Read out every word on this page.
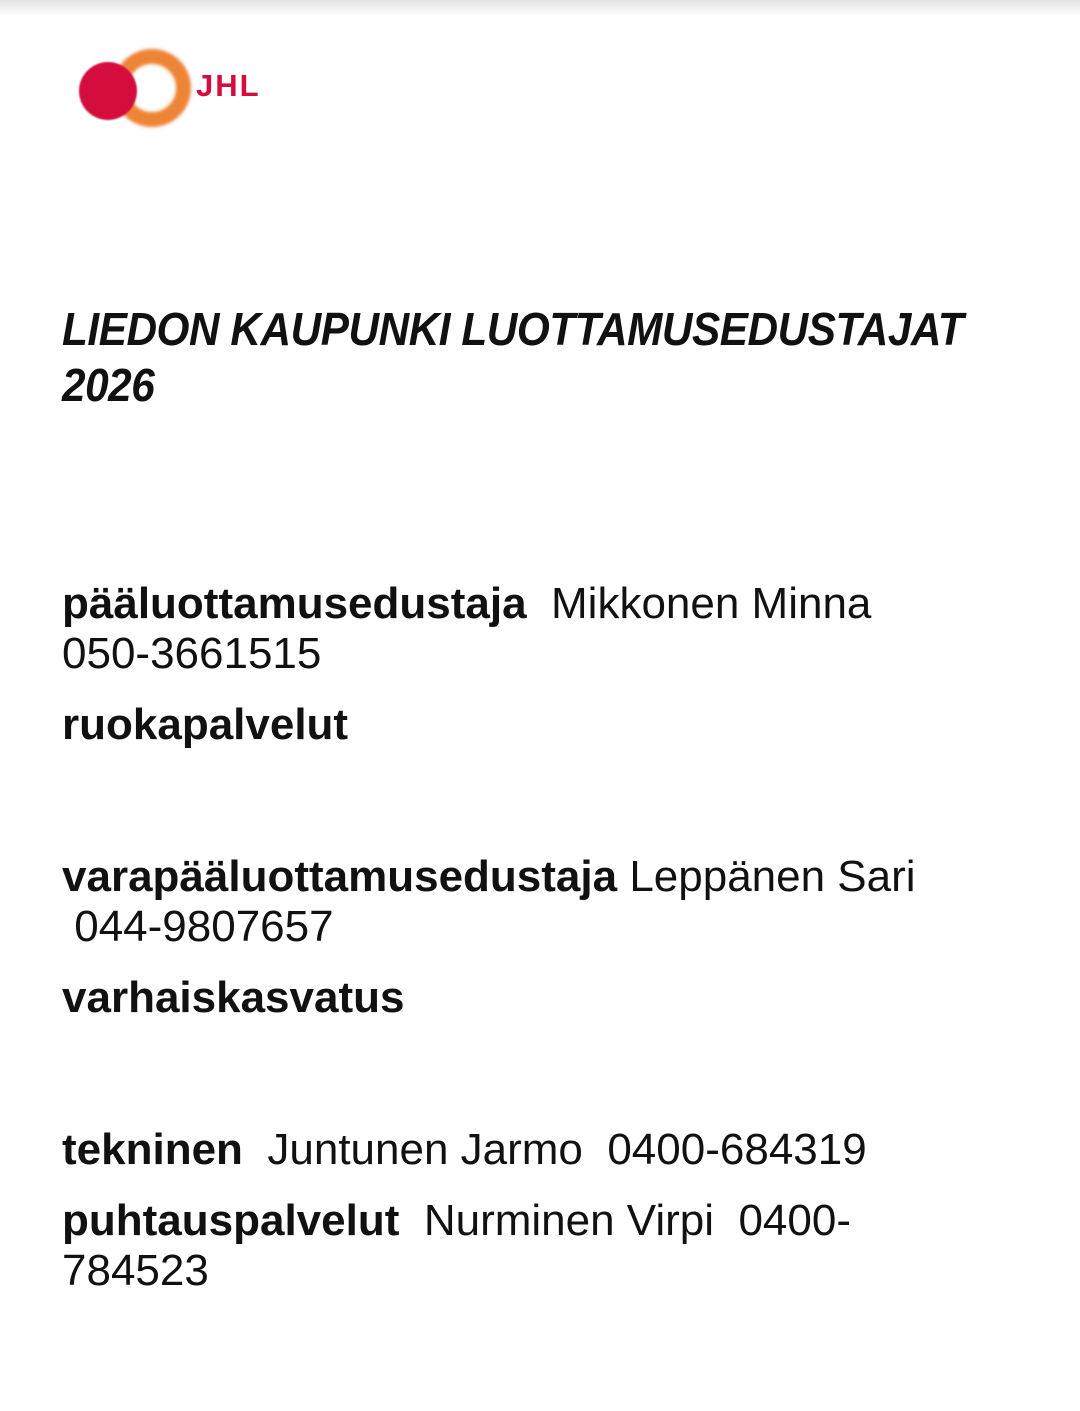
JHL
LIEDON KAUPUNKI LUOTTAMUSEDUSTAJAT
2026
pääluottamusedustaja  Mikkonen Minna
050-3661515
ruokapalvelut
varapääluottamusedustaja Leppänen Sari
044-9807657
varhaiskasvatus
tekninen  Juntunen Jarmo  0400-684319
puhtauspalvelut  Nurminen Virpi  0400-
784523
